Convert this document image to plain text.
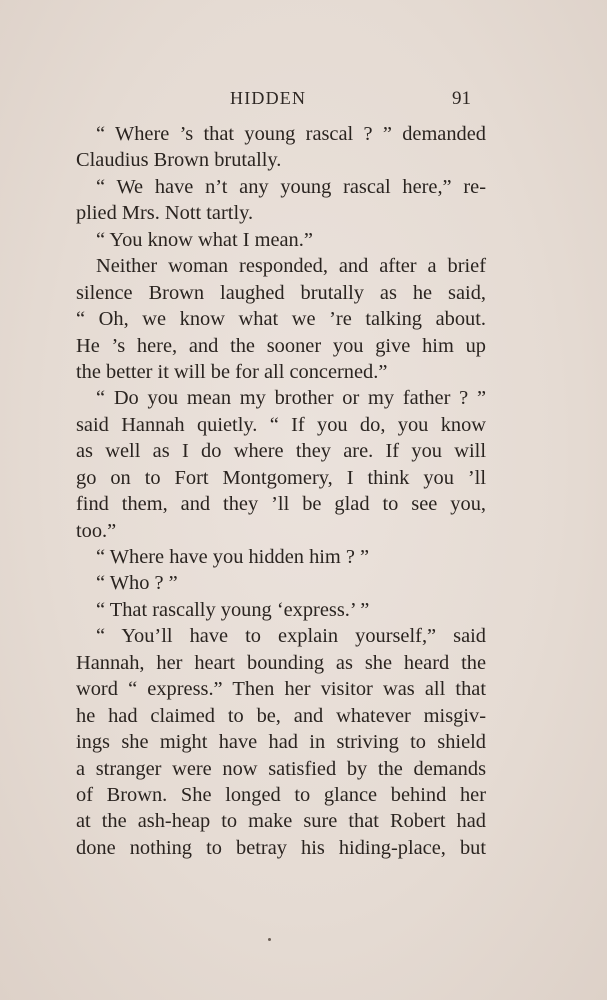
HIDDEN	91
“ Where ’s that young rascal ? ” demanded
Claudius Brown brutally.
“ We have n’t any young rascal here,” re-
plied Mrs. Nott tartly.
“ You know what I mean.”
Neither woman responded, and after a brief
silence Brown laughed brutally as he said,
“ Oh, we know what we ’re talking about.
He ’s here, and the sooner you give him up
the better it will be for all concerned.”
“ Do you mean my brother or my father ? ”
said Hannah quietly. “ If you do, you know
as well as I do where they are. If you will
go on to Fort Montgomery, I think you ’ll
find them, and they ’ll be glad to see you,
too.”
“ Where have you hidden him ? ”
“ Who ? ”
“ That rascally young ‘express.’ ”
“ You’ll have to explain yourself,” said
Hannah, her heart bounding as she heard the
word “ express.” Then her visitor was all that
he had claimed to be, and whatever misgiv-
ings she might have had in striving to shield
a stranger were now satisfied by the demands
of Brown. She longed to glance behind her
at the ash-heap to make sure that Robert had
done nothing to betray his hiding-place, but
